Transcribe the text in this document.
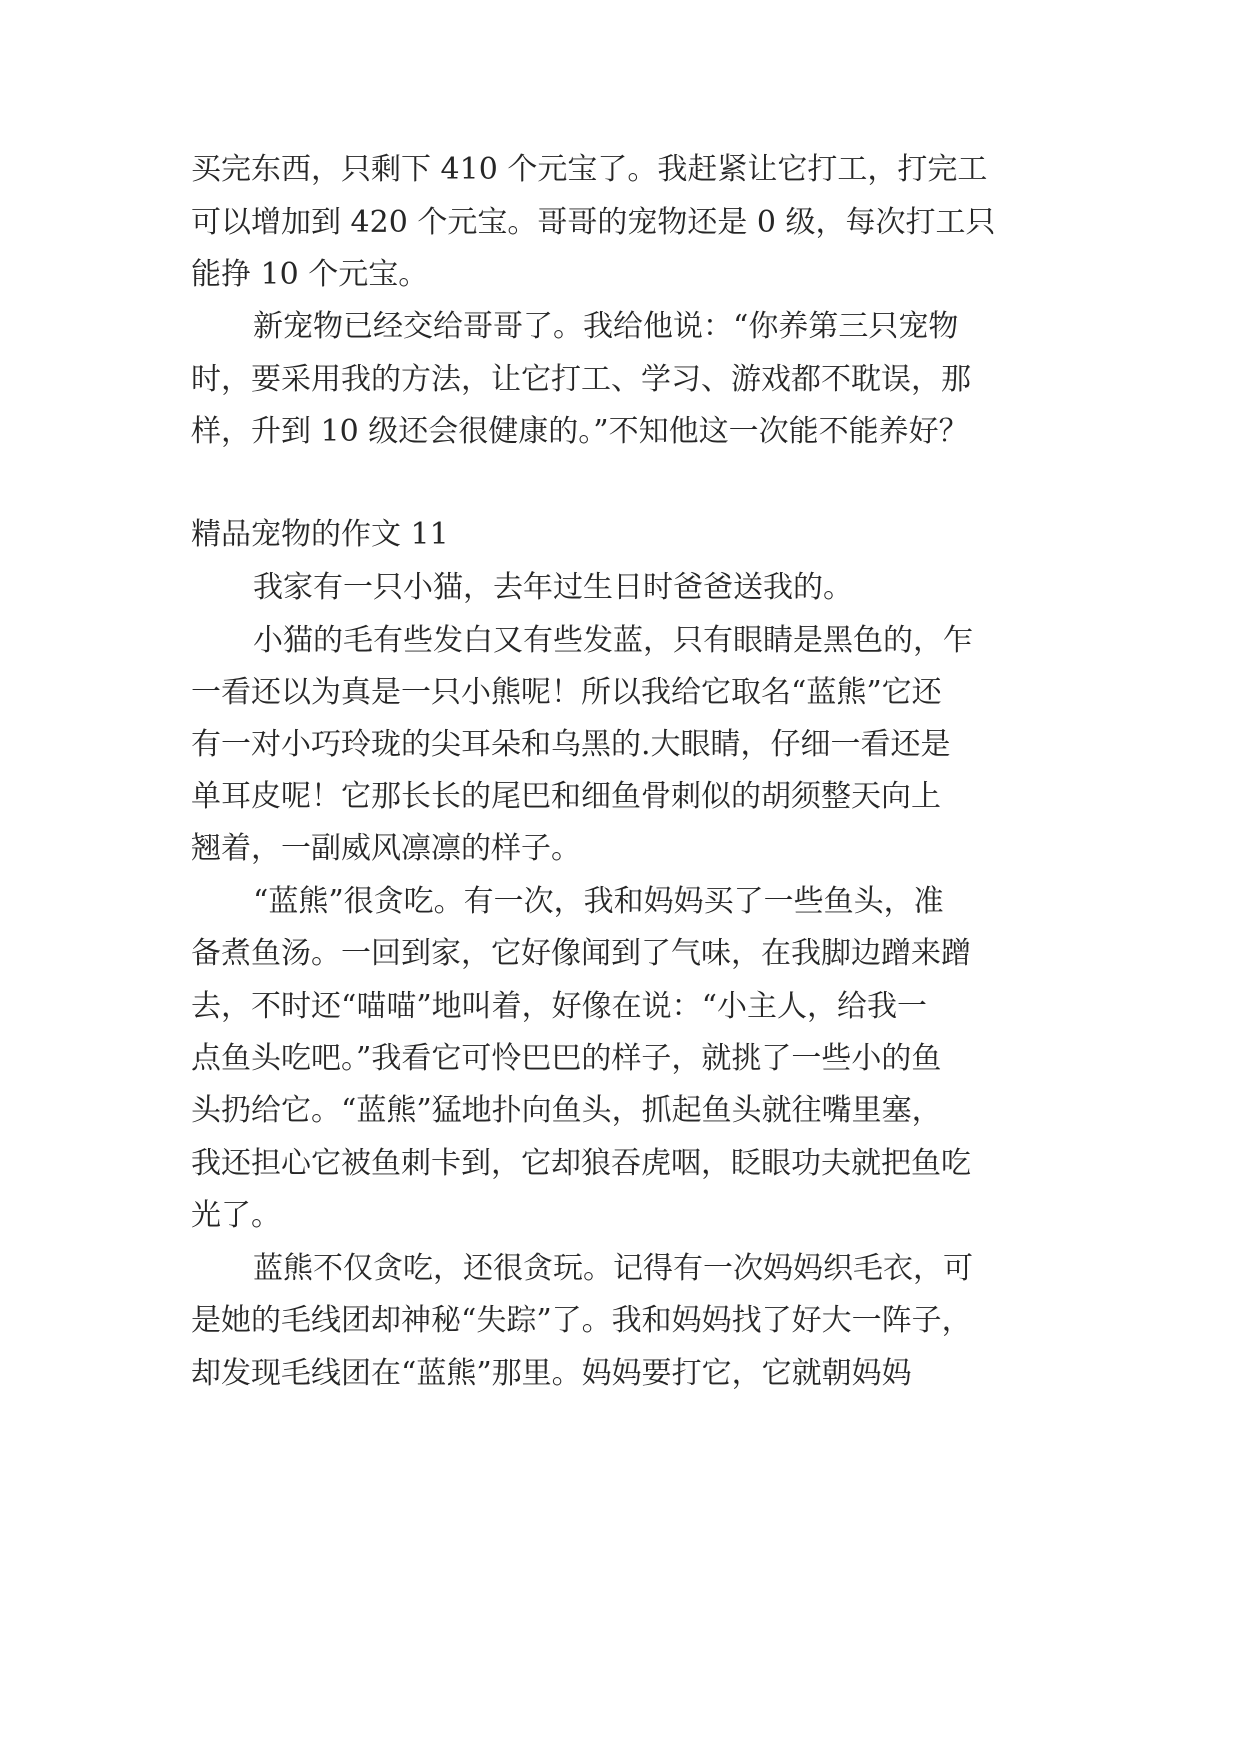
买完东西，只剩下 410 个元宝了。我赶紧让它打工，打完工
可以增加到 420 个元宝。哥哥的宠物还是 0 级，每次打工只
能挣 10 个元宝。
新宠物已经交给哥哥了。我给他说：“你养第三只宠物
时，要采用我的方法，让它打工、学习、游戏都不耽误，那
样，升到 10 级还会很健康的。”不知他这一次能不能养好？
精品宠物的作文 11
我家有一只小猫，去年过生日时爸爸送我的。
小猫的毛有些发白又有些发蓝，只有眼睛是黑色的，乍
一看还以为真是一只小熊呢！所以我给它取名“蓝熊”它还
有一对小巧玲珑的尖耳朵和乌黑的.大眼睛，仔细一看还是
单耳皮呢！它那长长的尾巴和细鱼骨刺似的胡须整天向上
翘着，一副威风凛凛的样子。
“蓝熊”很贪吃。有一次，我和妈妈买了一些鱼头，准
备煮鱼汤。一回到家，它好像闻到了气味，在我脚边蹭来蹭
去，不时还“喵喵”地叫着，好像在说：“小主人，给我一
点鱼头吃吧。”我看它可怜巴巴的样子，就挑了一些小的鱼
头扔给它。“蓝熊”猛地扑向鱼头，抓起鱼头就往嘴里塞，
我还担心它被鱼刺卡到，它却狼吞虎咽，眨眼功夫就把鱼吃
光了。
蓝熊不仅贪吃，还很贪玩。记得有一次妈妈织毛衣，可
是她的毛线团却神秘“失踪”了。我和妈妈找了好大一阵子，
却发现毛线团在“蓝熊”那里。妈妈要打它，它就朝妈妈
